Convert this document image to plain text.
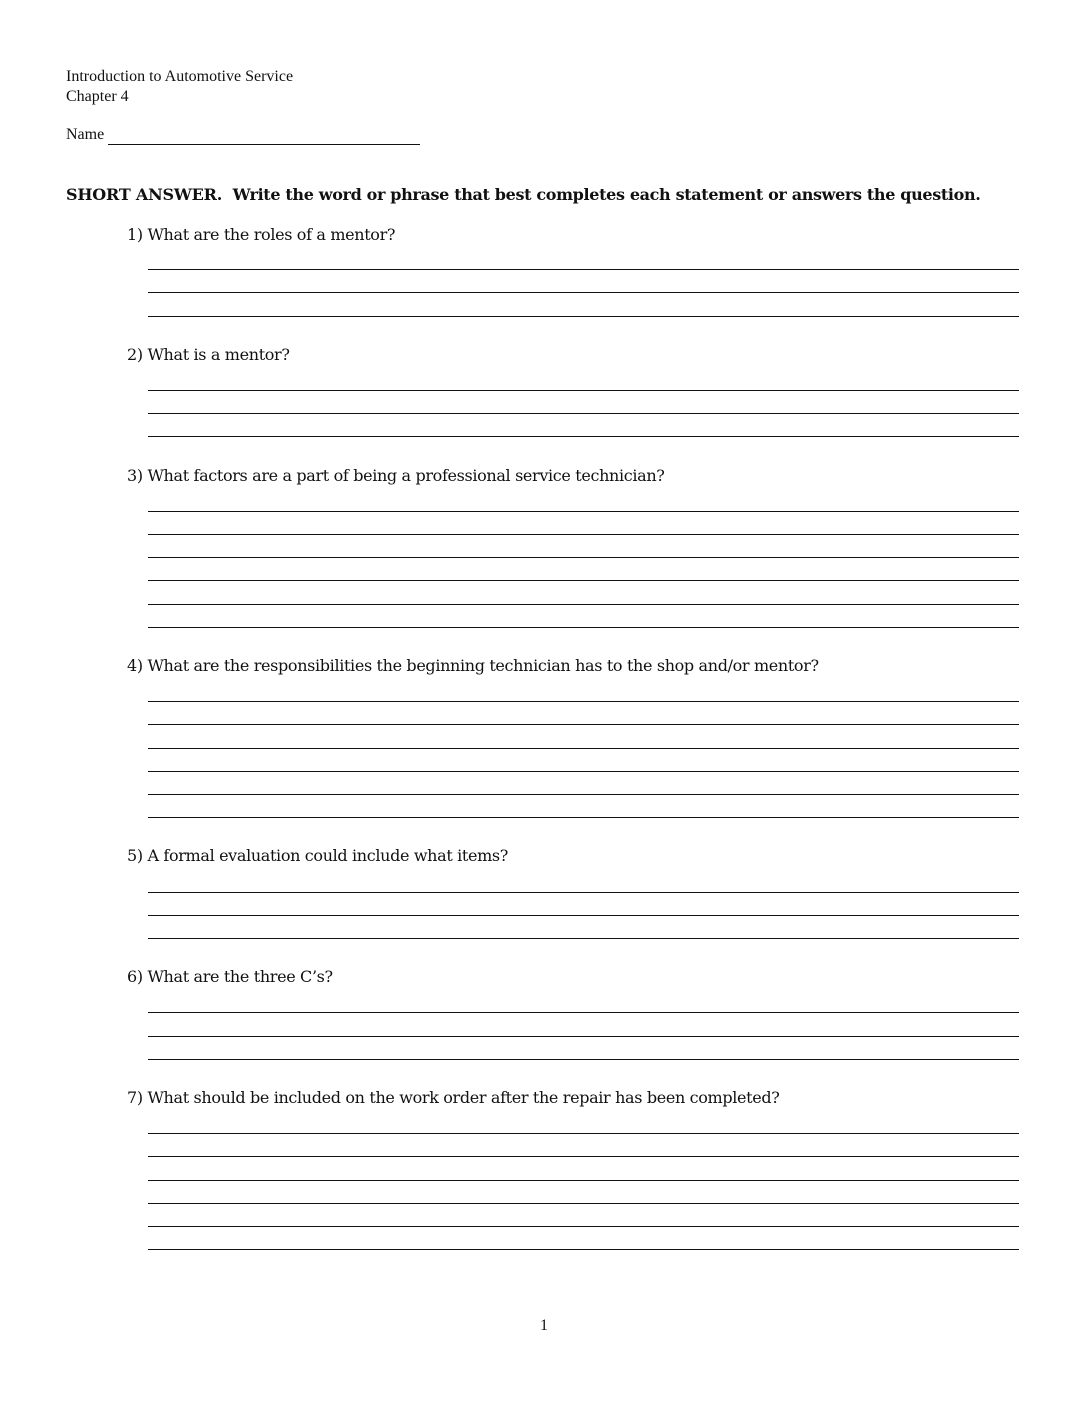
Introduction to Automotive Service
Chapter 4
Name
SHORT ANSWER. Write the word or phrase that best completes each statement or answers the question.
1) What are the roles of a mentor?
2) What is a mentor?
3) What factors are a part of being a professional service technician?
4) What are the responsibilities the beginning technician has to the shop and/or mentor?
5) A formal evaluation could include what items?
6) What are the three C’s?
7) What should be included on the work order after the repair has been completed?
1
